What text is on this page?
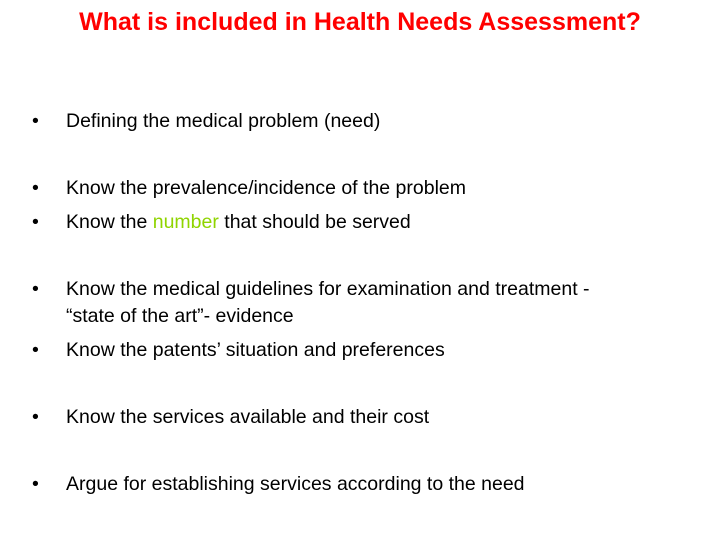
What is included in Health Needs Assessment?
• Defining the medical problem (need)
• Know the prevalence/incidence of the problem
• Know the number that should be served
• Know the medical guidelines for examination and treatment -
“state of the art”- evidence
• Know the patents’ situation and preferences
• Know the services available and their cost
• Argue for establishing services according to the need
